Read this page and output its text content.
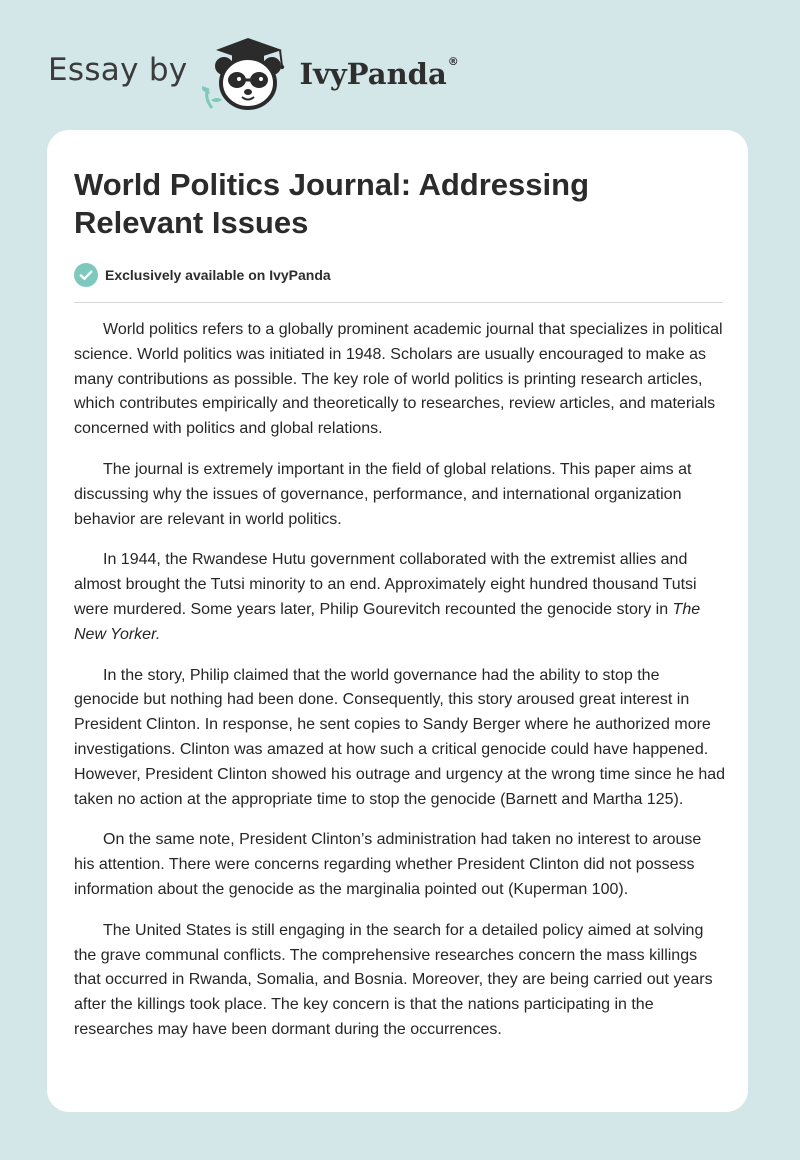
Essay by	IvyPanda®
World Politics Journal: Addressing Relevant Issues
Exclusively available on IvyPanda

World politics refers to a globally prominent academic journal that specializes in political science. World politics was initiated in 1948. Scholars are usually encouraged to make as many contributions as possible. The key role of world politics is printing research articles, which contributes empirically and theoretically to researches, review articles, and materials concerned with politics and global relations.

The journal is extremely important in the field of global relations. This paper aims at discussing why the issues of governance, performance, and international organization behavior are relevant in world politics.

In 1944, the Rwandese Hutu government collaborated with the extremist allies and almost brought the Tutsi minority to an end. Approximately eight hundred thousand Tutsi were murdered. Some years later, Philip Gourevitch recounted the genocide story in The New Yorker.

In the story, Philip claimed that the world governance had the ability to stop the genocide but nothing had been done. Consequently, this story aroused great interest in President Clinton. In response, he sent copies to Sandy Berger where he authorized more investigations. Clinton was amazed at how such a critical genocide could have happened. However, President Clinton showed his outrage and urgency at the wrong time since he had taken no action at the appropriate time to stop the genocide (Barnett and Martha 125).

On the same note, President Clinton’s administration had taken no interest to arouse his attention. There were concerns regarding whether President Clinton did not possess information about the genocide as the marginalia pointed out (Kuperman 100).

The United States is still engaging in the search for a detailed policy aimed at solving the grave communal conflicts. The comprehensive researches concern the mass killings that occurred in Rwanda, Somalia, and Bosnia. Moreover, they are being carried out years after the killings took place. The key concern is that the nations participating in the researches may have been dormant during the occurrences.
